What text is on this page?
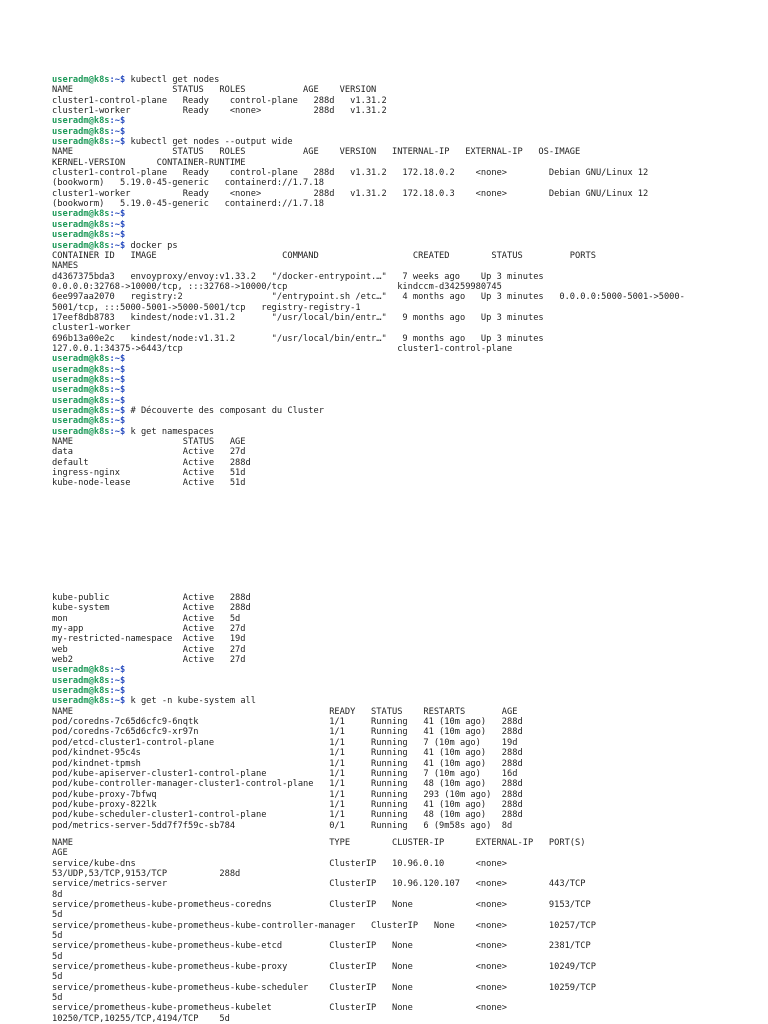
useradm@k8s:~$ kubectl get nodes
NAME                   STATUS   ROLES           AGE    VERSION
cluster1-control-plane   Ready    control-plane   288d   v1.31.2
cluster1-worker          Ready    <none>          288d   v1.31.2
useradm@k8s:~$
useradm@k8s:~$
useradm@k8s:~$ kubectl get nodes --output wide
NAME                   STATUS   ROLES           AGE    VERSION   INTERNAL-IP   EXTERNAL-IP   OS-IMAGE
KERNEL-VERSION      CONTAINER-RUNTIME
cluster1-control-plane   Ready    control-plane   288d   v1.31.2   172.18.0.2    <none>        Debian GNU/Linux 12
(bookworm)   5.19.0-45-generic   containerd://1.7.18
cluster1-worker          Ready    <none>          288d   v1.31.2   172.18.0.3    <none>        Debian GNU/Linux 12
(bookworm)   5.19.0-45-generic   containerd://1.7.18
useradm@k8s:~$
useradm@k8s:~$
useradm@k8s:~$
useradm@k8s:~$ docker ps
CONTAINER ID   IMAGE                        COMMAND                  CREATED        STATUS         PORTS
NAMES
d4367375bda3   envoyproxy/envoy:v1.33.2   "/docker-entrypoint.…"   7 weeks ago    Up 3 minutes
0.0.0.0:32768->10000/tcp, :::32768->10000/tcp                     kindccm-d34259980745
6ee997aa2070   registry:2                 "/entrypoint.sh /etc…"   4 months ago   Up 3 minutes   0.0.0.0:5000-5001->5000-
5001/tcp, :::5000-5001->5000-5001/tcp   registry-registry-1
17eef8db8783   kindest/node:v1.31.2       "/usr/local/bin/entr…"   9 months ago   Up 3 minutes
cluster1-worker
696b13a00e2c   kindest/node:v1.31.2       "/usr/local/bin/entr…"   9 months ago   Up 3 minutes
127.0.0.1:34375->6443/tcp                                         cluster1-control-plane
useradm@k8s:~$
useradm@k8s:~$
useradm@k8s:~$
useradm@k8s:~$
useradm@k8s:~$
useradm@k8s:~$ # Découverte des composant du Cluster
useradm@k8s:~$
useradm@k8s:~$ k get namespaces
NAME                     STATUS   AGE
data                     Active   27d
default                  Active   288d
ingress-nginx            Active   51d
kube-node-lease          Active   51d
kube-public              Active   288d
kube-system              Active   288d
mon                      Active   5d
my-app                   Active   27d
my-restricted-namespace  Active   19d
web                      Active   27d
web2                     Active   27d
useradm@k8s:~$
useradm@k8s:~$
useradm@k8s:~$
useradm@k8s:~$ k get -n kube-system all
NAME                                                 READY   STATUS    RESTARTS       AGE
pod/coredns-7c65d6cfc9-6nqtk                         1/1     Running   41 (10m ago)   288d
pod/coredns-7c65d6cfc9-xr97n                         1/1     Running   41 (10m ago)   288d
pod/etcd-cluster1-control-plane                      1/1     Running   7 (10m ago)    19d
pod/kindnet-95c4s                                    1/1     Running   41 (10m ago)   288d
pod/kindnet-tpmsh                                    1/1     Running   41 (10m ago)   288d
pod/kube-apiserver-cluster1-control-plane            1/1     Running   7 (10m ago)    16d
pod/kube-controller-manager-cluster1-control-plane   1/1     Running   48 (10m ago)   288d
pod/kube-proxy-7bfwq                                 1/1     Running   293 (10m ago)  288d
pod/kube-proxy-822lk                                 1/1     Running   41 (10m ago)   288d
pod/kube-scheduler-cluster1-control-plane            1/1     Running   48 (10m ago)   288d
pod/metrics-server-5dd7f7f59c-sb784                  0/1     Running   6 (9m58s ago)  8d
NAME                                                 TYPE        CLUSTER-IP      EXTERNAL-IP   PORT(S)
AGE
service/kube-dns                                     ClusterIP   10.96.0.10      <none>
53/UDP,53/TCP,9153/TCP          288d
service/metrics-server                               ClusterIP   10.96.120.107   <none>        443/TCP
8d
service/prometheus-kube-prometheus-coredns           ClusterIP   None            <none>        9153/TCP
5d
service/prometheus-kube-prometheus-kube-controller-manager   ClusterIP   None    <none>        10257/TCP
5d
service/prometheus-kube-prometheus-kube-etcd         ClusterIP   None            <none>        2381/TCP
5d
service/prometheus-kube-prometheus-kube-proxy        ClusterIP   None            <none>        10249/TCP
5d
service/prometheus-kube-prometheus-kube-scheduler    ClusterIP   None            <none>        10259/TCP
5d
service/prometheus-kube-prometheus-kubelet           ClusterIP   None            <none>
10250/TCP,10255/TCP,4194/TCP    5d
